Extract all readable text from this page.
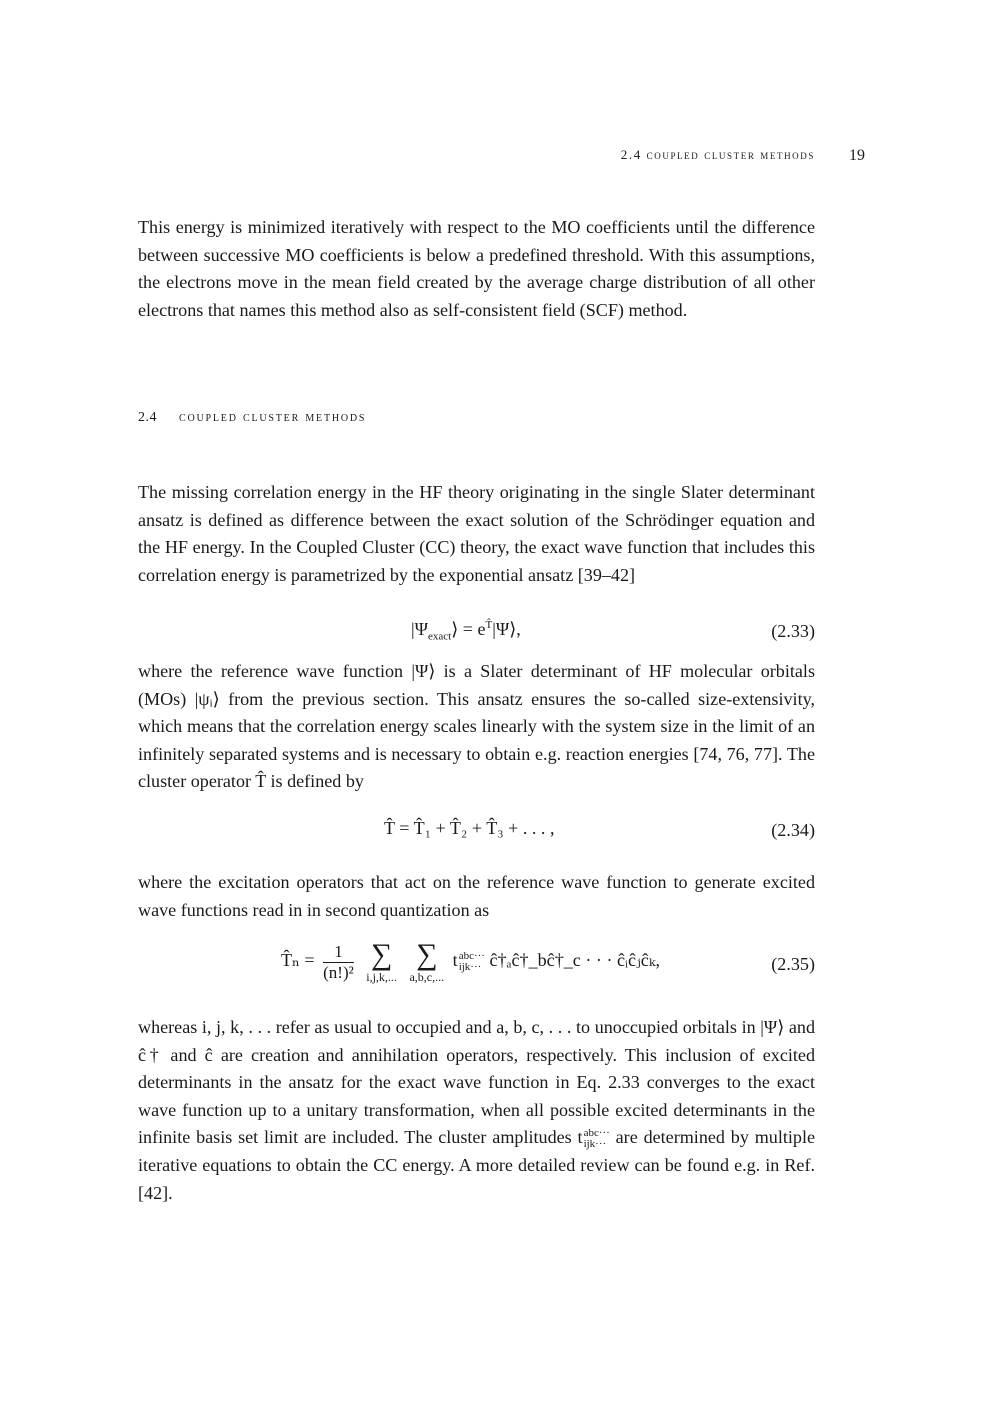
2.4 coupled cluster methods 19

This energy is minimized iteratively with respect to the MO coefficients until the difference between successive MO coefficients is below a predefined threshold. With this assumptions, the electrons move in the mean field created by the average charge distribution of all other electrons that names this method also as self-consistent field (SCF) method.

2.4 coupled cluster methods

The missing correlation energy in the HF theory originating in the single Slater determinant ansatz is defined as difference between the exact solution of the Schrödinger equation and the HF energy. In the Coupled Cluster (CC) theory, the exact wave function that includes this correlation energy is parametrized by the exponential ansatz [39–42]

$|\Psi_{exact}⟩$ = $e^{T̂}|\Psi⟩$,	(2.33)

where the reference wave function |Ψ⟩ is a Slater determinant of HF molecular orbitals (MOs) |ψᵢ⟩ from the previous section. This ansatz ensures the so-called size-extensivity, which means that the correlation energy scales linearly with the system size in the limit of an infinitely separated systems and is necessary to obtain e.g. reaction energies [74, 76, 77]. The cluster operator T̂ is defined by

T̂ = T̂₁ + T̂₂ + T̂₃ + . . . ,	(2.34)

where the excitation operators that act on the reference wave function to generate excited wave functions read in in second quantization as

T̂ₙ = $\frac{1}{\text{(n!)²}}$
∑
i,j,k,...

∑
a,b,c,...
t abc···
ijk··· ĉ†ₐĉ†_bĉ†_c · · · ĉᵢĉⱼĉₖ,	(2.35)

whereas i, j, k, . . . refer as usual to occupied and a, b, c, . . . to unoccupied orbitals in |Ψ⟩ and ĉ† and ĉ are creation and annihilation operators, respectively. This inclusion of excited determinants in the ansatz for the exact wave function in Eq. 2.33 converges to the exact wave function up to a unitary transformation, when all possible excited determinants in the infinite basis set limit are included. The cluster amplitudes t abc···
ijk··· are determined by multiple iterative equations to obtain the CC energy. A more detailed review can be found e.g. in Ref. [42].
